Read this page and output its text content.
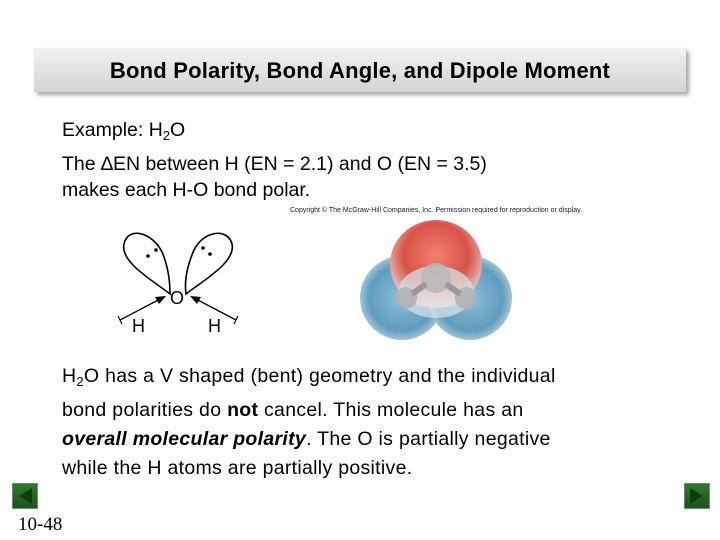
Bond Polarity, Bond Angle, and Dipole Moment
Example: $H_2O$
The ∆EN between H (EN = 2.1) and O (EN = 3.5)
makes each H-O bond polar.
Copyright © The McGraw-Hill Companies, Inc. Permission required for reproduction or display.
O
H	H

$H_2O$ has a V shaped (bent) geometry and the individual

bond polarities do not cancel. This molecule has an

overall molecular polarity. The O is partially negative

while the H atoms are partially positive.

10-48
